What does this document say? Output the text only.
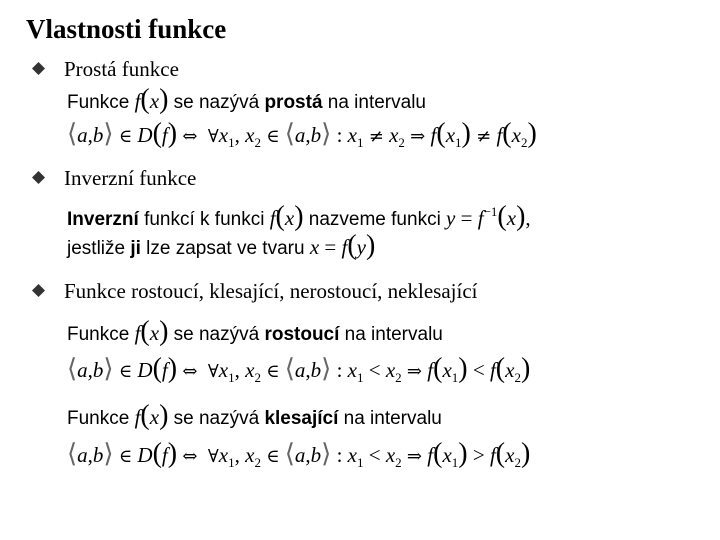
Vlastnosti funkce
Prostá funkce
Funkce f(x) se nazývá prostá na intervalu
⟨a,b⟩ ∈ D(f) ⇔ $\forall x_1$, $x_2$ ∈ ⟨a,b⟩ : $x_1 \ne x_2$ ⇒ $f(x_1) \ne f(x_2)$
Inverzní funkce
Inverzní funkcí k funkci f(x) nazveme funkci $y = f^{-1}(x)$,
jestliže ji lze zapsat ve tvaru x = f(y)
Funkce rostoucí, klesající, nerostoucí, neklesající
Funkce f(x) se nazývá rostoucí na intervalu
⟨a,b⟩ ∈ D(f) ⇔ $\forall x_1$, $x_2$ ∈ ⟨a,b⟩ : $x_1 < x_2$ ⇒ $f(x_1) < f(x_2)$
Funkce f(x) se nazývá klesající na intervalu
⟨a,b⟩ ∈ D(f) ⇔ $\forall x_1$, $x_2$ ∈ ⟨a,b⟩ : $x_1 < x_2$ ⇒ $f(x_1) > f(x_2)$
